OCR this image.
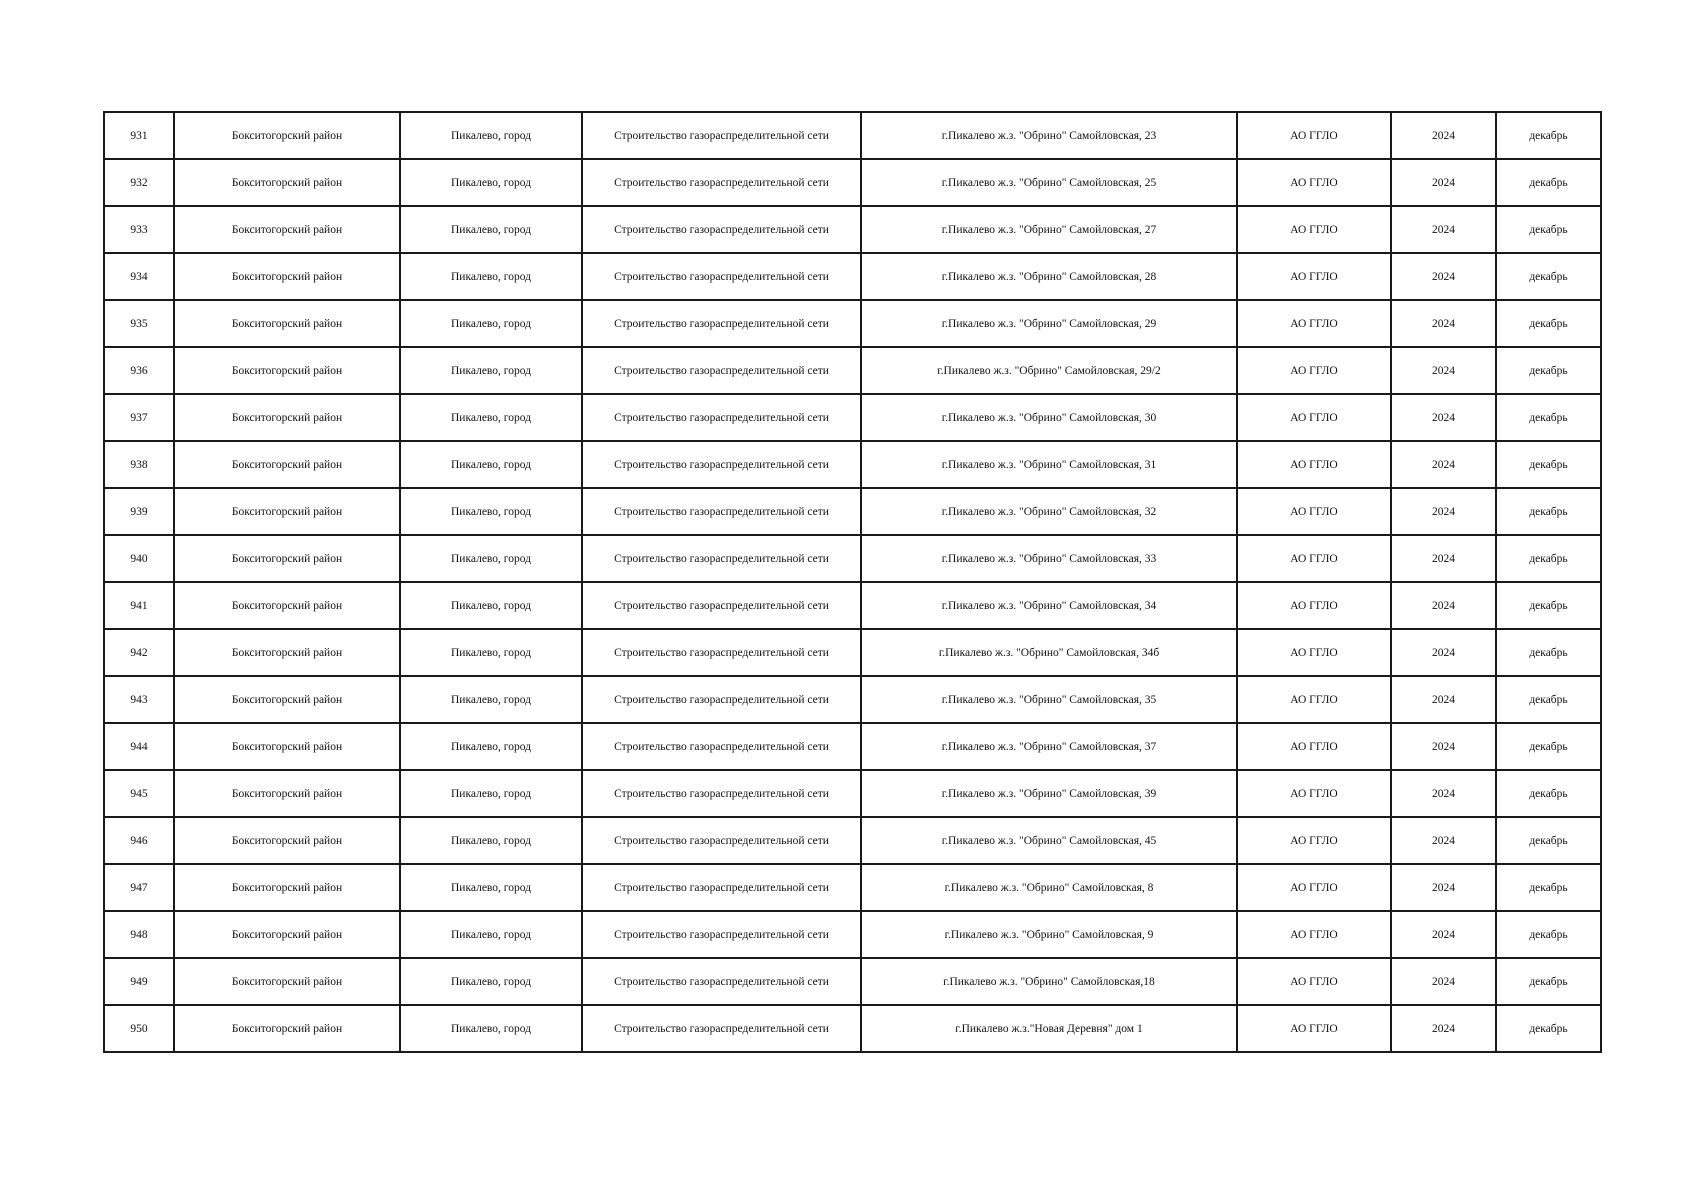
931	Бокситогорский район	Пикалево, город	Строительство газораспределительной сети	г.Пикалево ж.з. "Обрино" Самойловская, 23	АО ГГЛО	2024	декабрь
932	Бокситогорский район	Пикалево, город	Строительство газораспределительной сети	г.Пикалево ж.з. "Обрино" Самойловская, 25	АО ГГЛО	2024	декабрь
933	Бокситогорский район	Пикалево, город	Строительство газораспределительной сети	г.Пикалево ж.з. "Обрино" Самойловская, 27	АО ГГЛО	2024	декабрь
934	Бокситогорский район	Пикалево, город	Строительство газораспределительной сети	г.Пикалево ж.з. "Обрино" Самойловская, 28	АО ГГЛО	2024	декабрь
935	Бокситогорский район	Пикалево, город	Строительство газораспределительной сети	г.Пикалево ж.з. "Обрино" Самойловская, 29	АО ГГЛО	2024	декабрь
936	Бокситогорский район	Пикалево, город	Строительство газораспределительной сети	г.Пикалево ж.з. "Обрино" Самойловская, 29/2	АО ГГЛО	2024	декабрь
937	Бокситогорский район	Пикалево, город	Строительство газораспределительной сети	г.Пикалево ж.з. "Обрино" Самойловская, 30	АО ГГЛО	2024	декабрь
938	Бокситогорский район	Пикалево, город	Строительство газораспределительной сети	г.Пикалево ж.з. "Обрино" Самойловская, 31	АО ГГЛО	2024	декабрь
939	Бокситогорский район	Пикалево, город	Строительство газораспределительной сети	г.Пикалево ж.з. "Обрино" Самойловская, 32	АО ГГЛО	2024	декабрь
940	Бокситогорский район	Пикалево, город	Строительство газораспределительной сети	г.Пикалево ж.з. "Обрино" Самойловская, 33	АО ГГЛО	2024	декабрь
941	Бокситогорский район	Пикалево, город	Строительство газораспределительной сети	г.Пикалево ж.з. "Обрино" Самойловская, 34	АО ГГЛО	2024	декабрь
942	Бокситогорский район	Пикалево, город	Строительство газораспределительной сети	г.Пикалево ж.з. "Обрино" Самойловская, 34б	АО ГГЛО	2024	декабрь
943	Бокситогорский район	Пикалево, город	Строительство газораспределительной сети	г.Пикалево ж.з. "Обрино" Самойловская, 35	АО ГГЛО	2024	декабрь
944	Бокситогорский район	Пикалево, город	Строительство газораспределительной сети	г.Пикалево ж.з. "Обрино" Самойловская, 37	АО ГГЛО	2024	декабрь
945	Бокситогорский район	Пикалево, город	Строительство газораспределительной сети	г.Пикалево ж.з. "Обрино" Самойловская, 39	АО ГГЛО	2024	декабрь
946	Бокситогорский район	Пикалево, город	Строительство газораспределительной сети	г.Пикалево ж.з. "Обрино" Самойловская, 45	АО ГГЛО	2024	декабрь
947	Бокситогорский район	Пикалево, город	Строительство газораспределительной сети	г.Пикалево ж.з. "Обрино" Самойловская, 8	АО ГГЛО	2024	декабрь
948	Бокситогорский район	Пикалево, город	Строительство газораспределительной сети	г.Пикалево ж.з. "Обрино" Самойловская, 9	АО ГГЛО	2024	декабрь
949	Бокситогорский район	Пикалево, город	Строительство газораспределительной сети	г.Пикалево ж.з. "Обрино" Самойловская,18	АО ГГЛО	2024	декабрь
950	Бокситогорский район	Пикалево, город	Строительство газораспределительной сети	г.Пикалево ж.з."Новая Деревня" дом 1	АО ГГЛО	2024	декабрь
